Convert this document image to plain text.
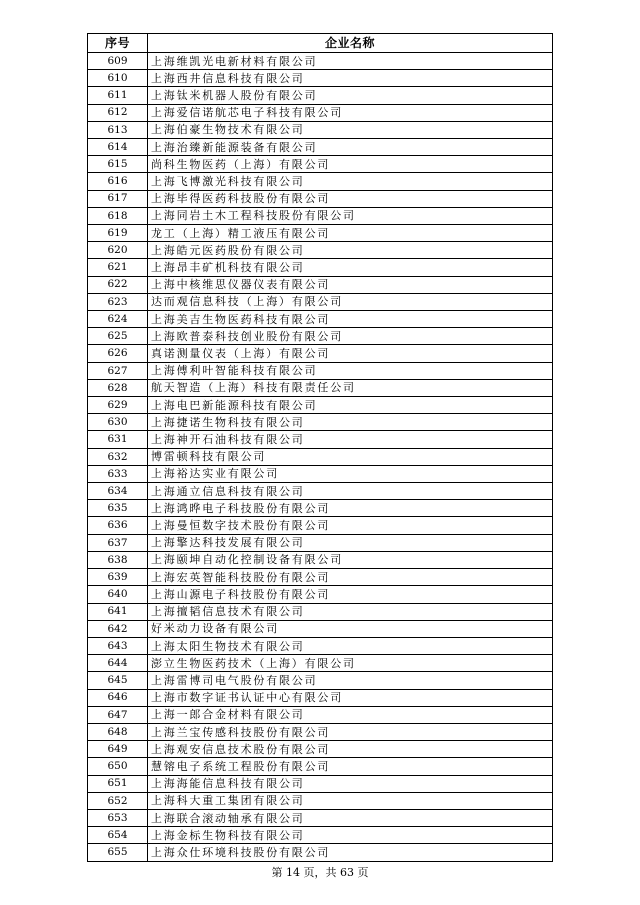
序号	企业名称
609	上海维凯光电新材料有限公司
610	上海西井信息科技有限公司
611	上海钛米机器人股份有限公司
612	上海爱信诺航芯电子科技有限公司
613	上海伯豪生物技术有限公司
614	上海治臻新能源装备有限公司
615	尚科生物医药（上海）有限公司
616	上海飞博激光科技有限公司
617	上海毕得医药科技股份有限公司
618	上海同岩土木工程科技股份有限公司
619	龙工（上海）精工液压有限公司
620	上海皓元医药股份有限公司
621	上海昂丰矿机科技有限公司
622	上海中核维思仪器仪表有限公司
623	达而观信息科技（上海）有限公司
624	上海美吉生物医药科技有限公司
625	上海欧普泰科技创业股份有限公司
626	真诺测量仪表（上海）有限公司
627	上海傅利叶智能科技有限公司
628	航天智造（上海）科技有限责任公司
629	上海电巴新能源科技有限公司
630	上海捷诺生物科技有限公司
631	上海神开石油科技有限公司
632	博雷顿科技有限公司
633	上海裕达实业有限公司
634	上海通立信息科技有限公司
635	上海鸿晔电子科技股份有限公司
636	上海曼恒数字技术股份有限公司
637	上海擎达科技发展有限公司
638	上海颐坤自动化控制设备有限公司
639	上海宏英智能科技股份有限公司
640	上海山源电子科技股份有限公司
641	上海擅韬信息技术有限公司
642	好米动力设备有限公司
643	上海太阳生物技术有限公司
644	澎立生物医药技术（上海）有限公司
645	上海雷博司电气股份有限公司
646	上海市数字证书认证中心有限公司
647	上海一郎合金材料有限公司
648	上海兰宝传感科技股份有限公司
649	上海观安信息技术股份有限公司
650	慧镕电子系统工程股份有限公司
651	上海海能信息科技有限公司
652	上海科大重工集团有限公司
653	上海联合滚动轴承有限公司
654	上海金标生物科技有限公司
655	上海众仕环境科技股份有限公司
第 14 页，共 63 页
